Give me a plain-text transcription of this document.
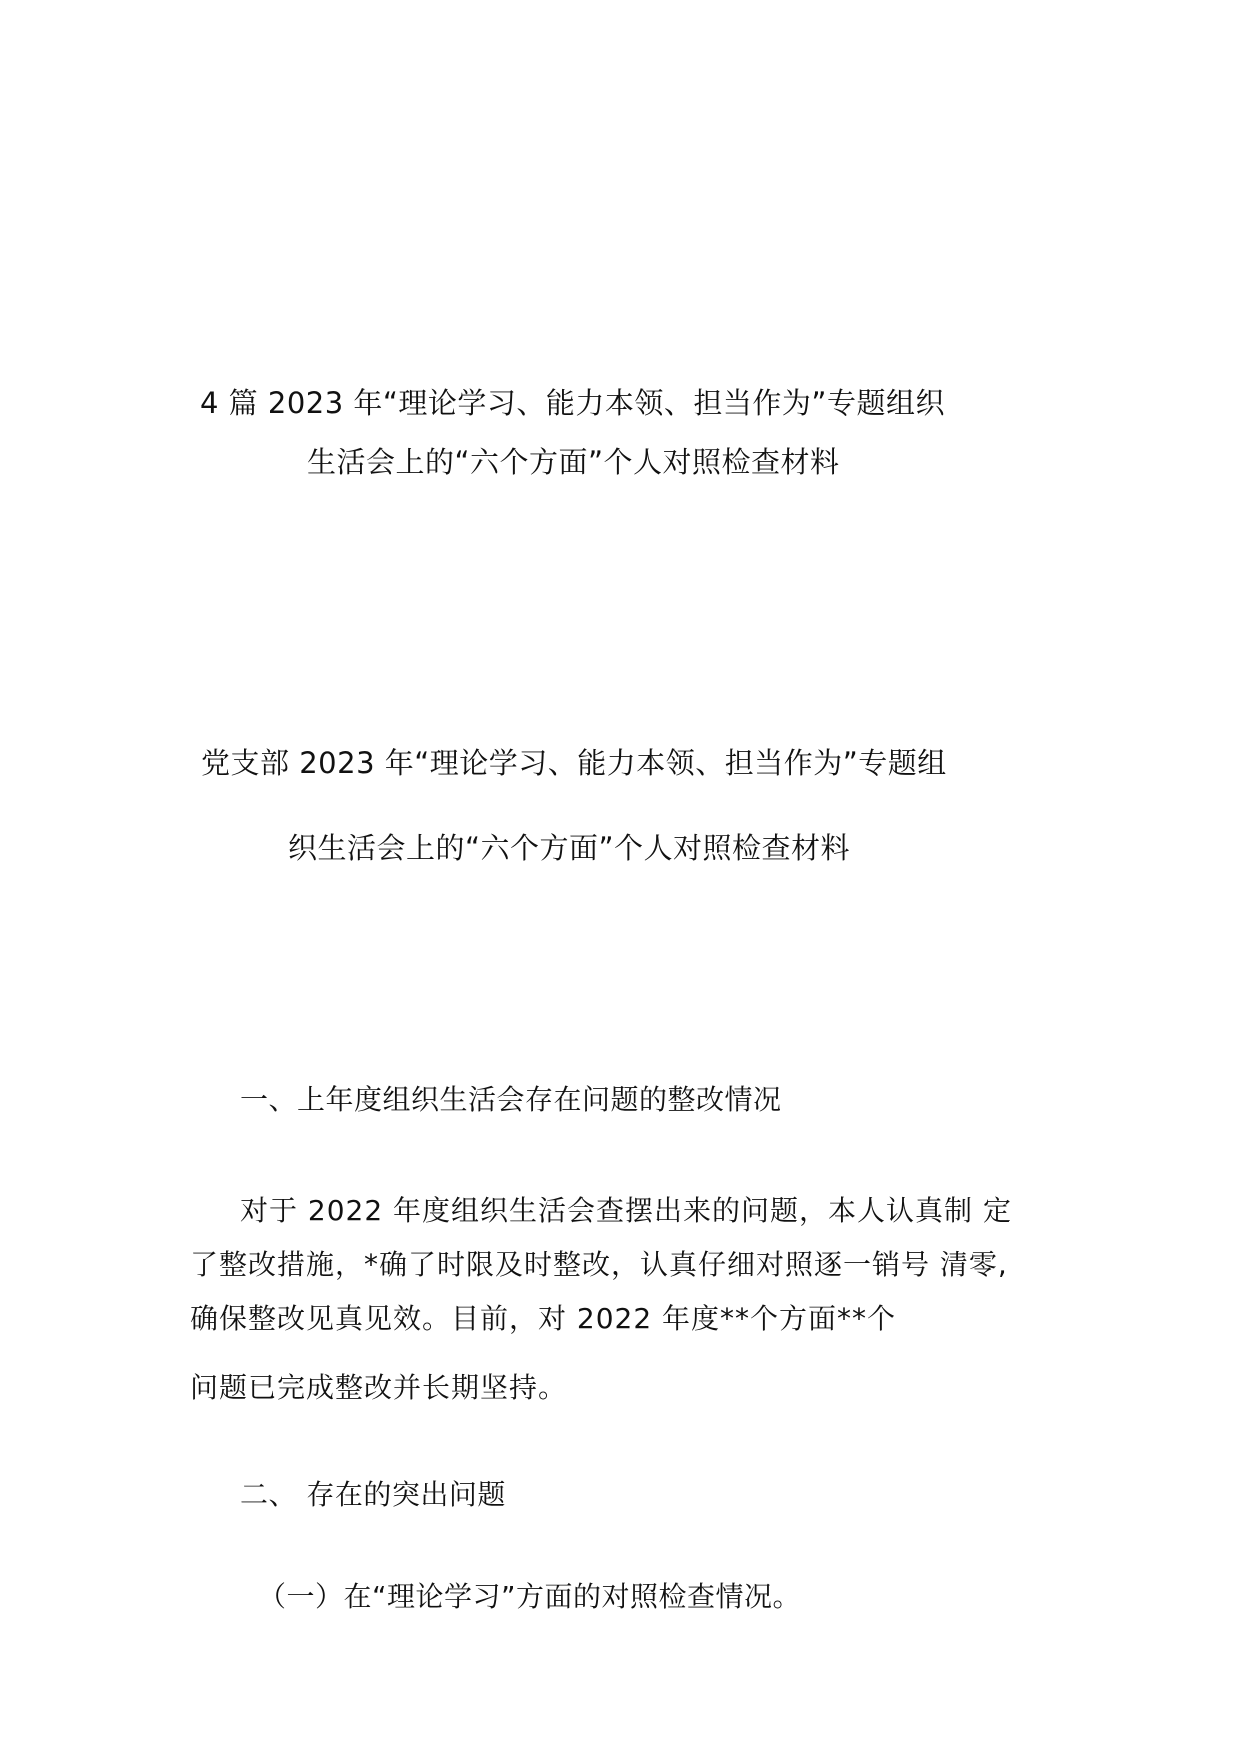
4 篇 2023 年“理论学习、能力本领、担当作为”专题组织
生活会上的“六个方面”个人对照检查材料
党支部 2023 年“理论学习、能力本领、担当作为”专题组
织生活会上的“六个方面”个人对照检查材料
一、上年度组织生活会存在问题的整改情况
对于 2022 年度组织生活会查摆出来的问题，本人认真制 定
了整改措施，*确了时限及时整改，认真仔细对照逐一销号 清零,
确保整改见真见效。目前，对 2022 年度**个方面**个
问题已完成整改并长期坚持。
二、 存在的突出问题
（一）在“理论学习”方面的对照检查情况。
